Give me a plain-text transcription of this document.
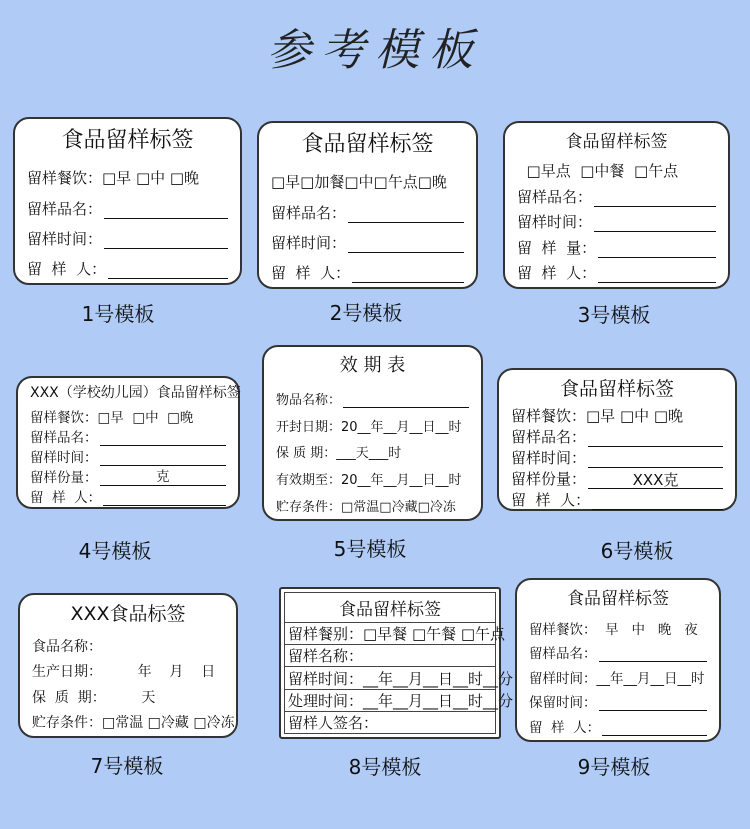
参考模板
食品留样标签
留样餐饮：□早 □中 □晚
留样品名：
留样时间：
留  样  人：
1号模板
食品留样标签
□早□加餐□中□午点□晚
留样品名：
留样时间：
留  样  人：
2号模板
食品留样标签
□早点  □中餐  □午点
留样品名：
留样时间：
留  样  量：
留  样  人：
3号模板
XXX（学校幼儿园）食品留样标签
留样餐饮：□早  □中  □晚
留样品名：
留样时间：
留样份量：	克
留  样  人：
4号模板
效 期 表
物品名称：
开封日期：20__年__月__日__时
保 质 期：___天___时
有效期至：20__年__月__日__时
贮存条件：□常温□冷藏□冷冻
5号模板
食品留样标签
留样餐饮：□早 □中 □晚
留样品名：
留样时间：
留样份量：	XXX克
留  样  人：
6号模板
XXX食品标签
食品名称：
生产日期：        年    月    日
保  质  期：        天
贮存条件：□常温 □冷藏 □冷冻
7号模板
食品留样标签
留样餐别：□早餐 □午餐 □午点
留样名称：
留样时间：__年__月__日__时__分
处理时间：__年__月__日__时__分
留样人签名：
8号模板
食品留样标签
留样餐饮：  早   中   晚   夜
留样品名：
留样时间：__年__月__日__时
保留时间：
留  样  人：
9号模板
